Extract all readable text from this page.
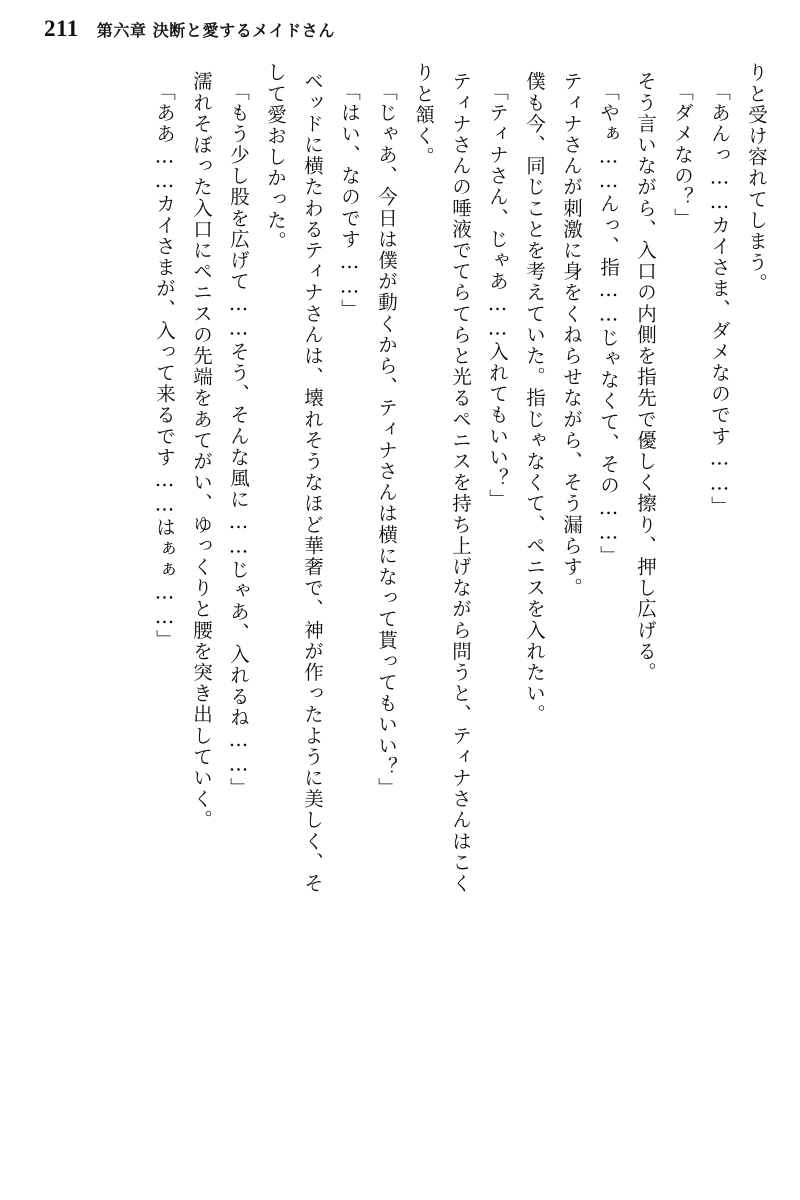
211 第六章 決断と愛するメイドさん
りと受け容れてしまう。
「あんっ……カイさま、ダメなのです……」
「ダメなの？」
そう言いながら、入口の内側を指先で優しく擦り、押し広げる。
「やぁ……んっ、指……じゃなくて、その……」
ティナさんが刺激に身をくねらせながら、そう漏らす。
僕も今、同じことを考えていた。指じゃなくて、ペニスを入れたい。
「ティナさん、じゃあ……入れてもいい？」
ティナさんの唾液でてらてらと光るペニスを持ち上げながら問うと、ティナさんはこく
りと頷く。
「じゃあ、今日は僕が動くから、ティナさんは横になって貰ってもいい？」
「はい、なのです……」
ベッドに横たわるティナさんは、壊れそうなほど華奢で、神が作ったように美しく、そ
して愛おしかった。
「もう少し股を広げて……そう、そんな風に……じゃあ、入れるね……」
濡れそぼった入口にペニスの先端をあてがい、ゆっくりと腰を突き出していく。
「ああ……カイさまが、入って来るです……はぁぁ……」
